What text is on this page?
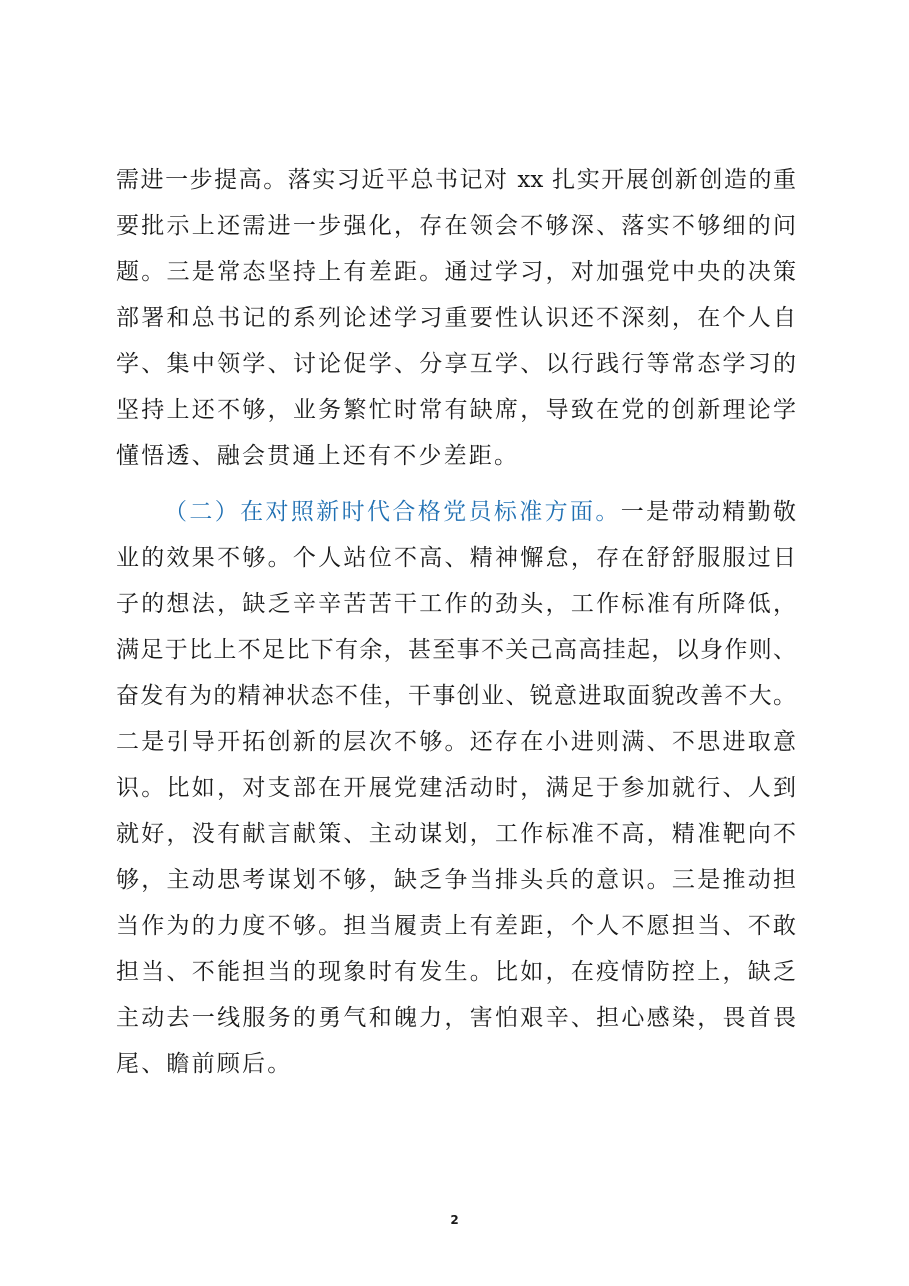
需进一步提高。落实习近平总书记对 xx 扎实开展创新创造的重
要批示上还需进一步强化，存在领会不够深、落实不够细的问
题。三是常态坚持上有差距。通过学习，对加强党中央的决策
部署和总书记的系列论述学习重要性认识还不深刻，在个人自
学、集中领学、讨论促学、分享互学、以行践行等常态学习的
坚持上还不够，业务繁忙时常有缺席，导致在党的创新理论学
懂悟透、融会贯通上还有不少差距。
（二）在对照新时代合格党员标准方面。一是带动精勤敬
业的效果不够。个人站位不高、精神懈怠，存在舒舒服服过日
子的想法，缺乏辛辛苦苦干工作的劲头，工作标准有所降低，
满足于比上不足比下有余，甚至事不关己高高挂起，以身作则、
奋发有为的精神状态不佳，干事创业、锐意进取面貌改善不大。
二是引导开拓创新的层次不够。还存在小进则满、不思进取意
识。比如，对支部在开展党建活动时，满足于参加就行、人到
就好，没有献言献策、主动谋划，工作标准不高，精准靶向不
够，主动思考谋划不够，缺乏争当排头兵的意识。三是推动担
当作为的力度不够。担当履责上有差距，个人不愿担当、不敢
担当、不能担当的现象时有发生。比如，在疫情防控上，缺乏
主动去一线服务的勇气和魄力，害怕艰辛、担心感染，畏首畏
尾、瞻前顾后。
2
